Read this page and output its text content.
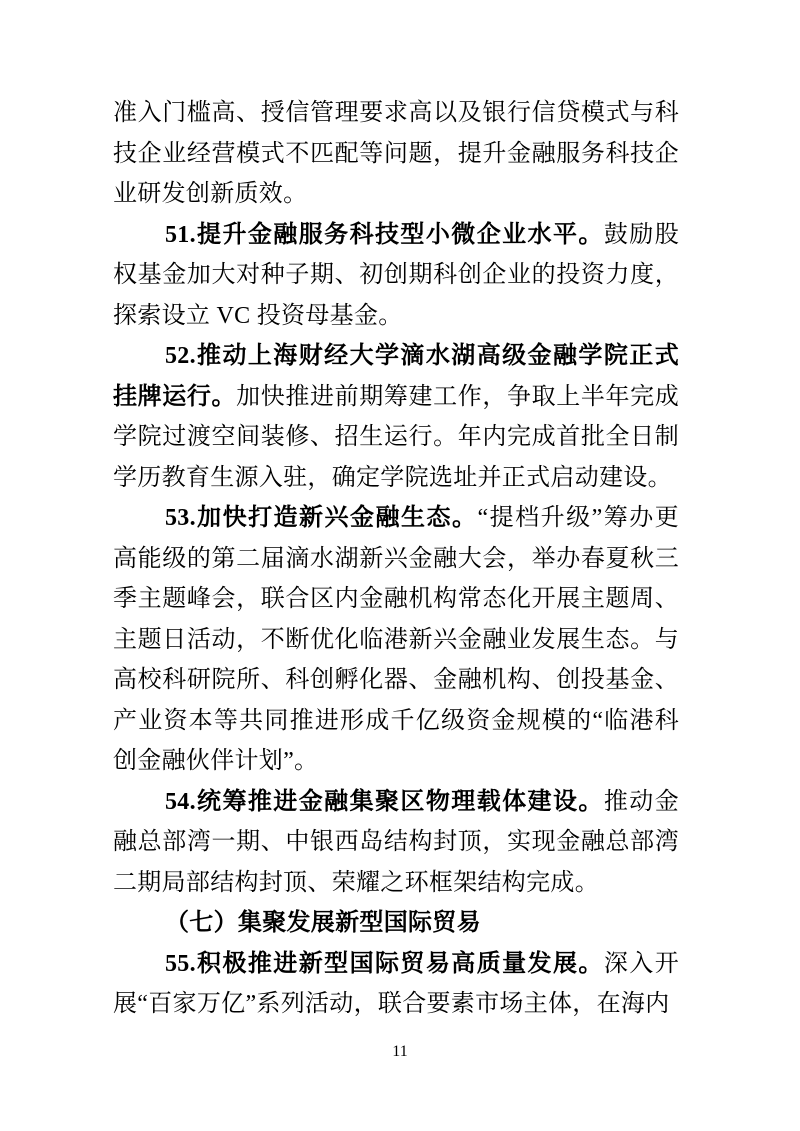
准入门槛高、授信管理要求高以及银行信贷模式与科技企业经营模式不匹配等问题，提升金融服务科技企业研发创新质效。

51.提升金融服务科技型小微企业水平。鼓励股权基金加大对种子期、初创期科创企业的投资力度，探索设立 VC 投资母基金。

52.推动上海财经大学滴水湖高级金融学院正式挂牌运行。加快推进前期筹建工作，争取上半年完成学院过渡空间装修、招生运行。年内完成首批全日制学历教育生源入驻，确定学院选址并正式启动建设。

53.加快打造新兴金融生态。“提档升级”筹办更高能级的第二届滴水湖新兴金融大会，举办春夏秋三季主题峰会，联合区内金融机构常态化开展主题周、主题日活动，不断优化临港新兴金融业发展生态。与高校科研院所、科创孵化器、金融机构、创投基金、产业资本等共同推进形成千亿级资金规模的“临港科创金融伙伴计划”。

54.统筹推进金融集聚区物理载体建设。推动金融总部湾一期、中银西岛结构封顶，实现金融总部湾二期局部结构封顶、荣耀之环框架结构完成。

（七）集聚发展新型国际贸易

55.积极推进新型国际贸易高质量发展。深入开展“百家万亿”系列活动，联合要素市场主体，在海内

11
